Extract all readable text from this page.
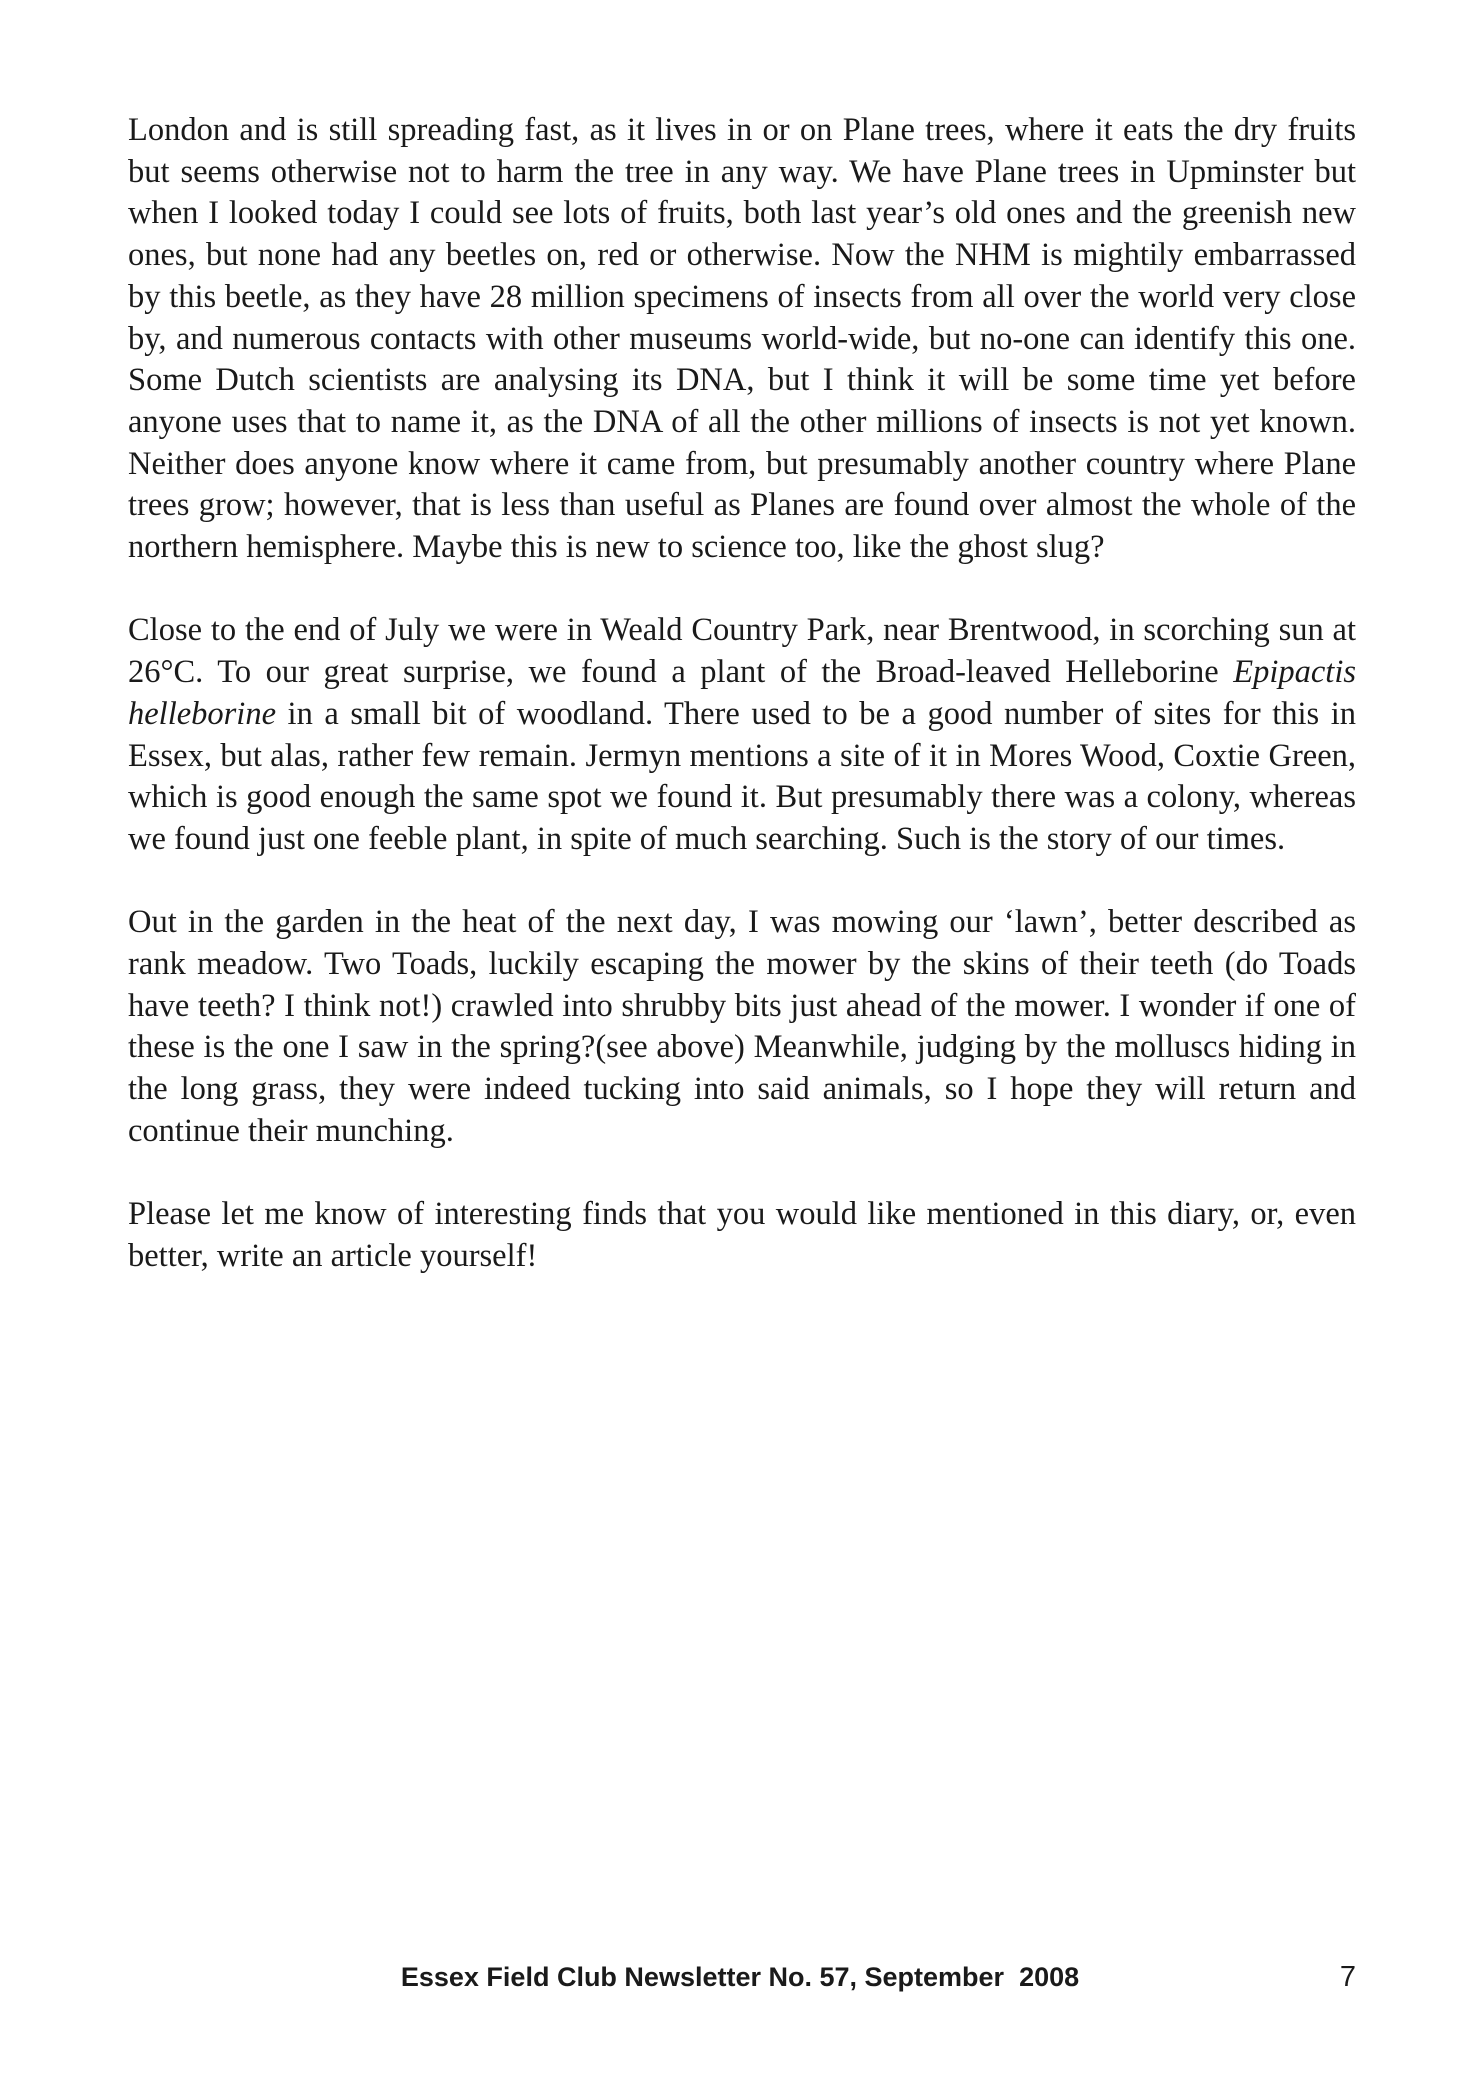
London and is still spreading fast, as it lives in or on Plane trees, where it eats the dry fruits but seems otherwise not to harm the tree in any way. We have Plane trees in Upminster but when I looked today I could see lots of fruits, both last year’s old ones and the greenish new ones, but none had any beetles on, red or otherwise. Now the NHM is mightily embarrassed by this beetle, as they have 28 million specimens of insects from all over the world very close by, and numerous contacts with other museums world-wide, but no-one can identify this one. Some Dutch scientists are analysing its DNA, but I think it will be some time yet before anyone uses that to name it, as the DNA of all the other millions of insects is not yet known. Neither does anyone know where it came from, but presumably another country where Plane trees grow; however, that is less than useful as Planes are found over almost the whole of the northern hemisphere. Maybe this is new to science too, like the ghost slug?

Close to the end of July we were in Weald Country Park, near Brentwood, in scorching sun at 26°C. To our great surprise, we found a plant of the Broad-leaved Helleborine Epipactis helleborine in a small bit of woodland. There used to be a good number of sites for this in Essex, but alas, rather few remain. Jermyn mentions a site of it in Mores Wood, Coxtie Green, which is good enough the same spot we found it. But presumably there was a colony, whereas we found just one feeble plant, in spite of much searching. Such is the story of our times.

Out in the garden in the heat of the next day, I was mowing our ‘lawn’, better described as rank meadow. Two Toads, luckily escaping the mower by the skins of their teeth (do Toads have teeth? I think not!) crawled into shrubby bits just ahead of the mower. I wonder if one of these is the one I saw in the spring?(see above) Meanwhile, judging by the molluscs hiding in the long grass, they were indeed tucking into said animals, so I hope they will return and continue their munching.

Please let me know of interesting finds that you would like mentioned in this diary, or, even better, write an article yourself!

Essex Field Club Newsletter No. 57, September  2008	7
